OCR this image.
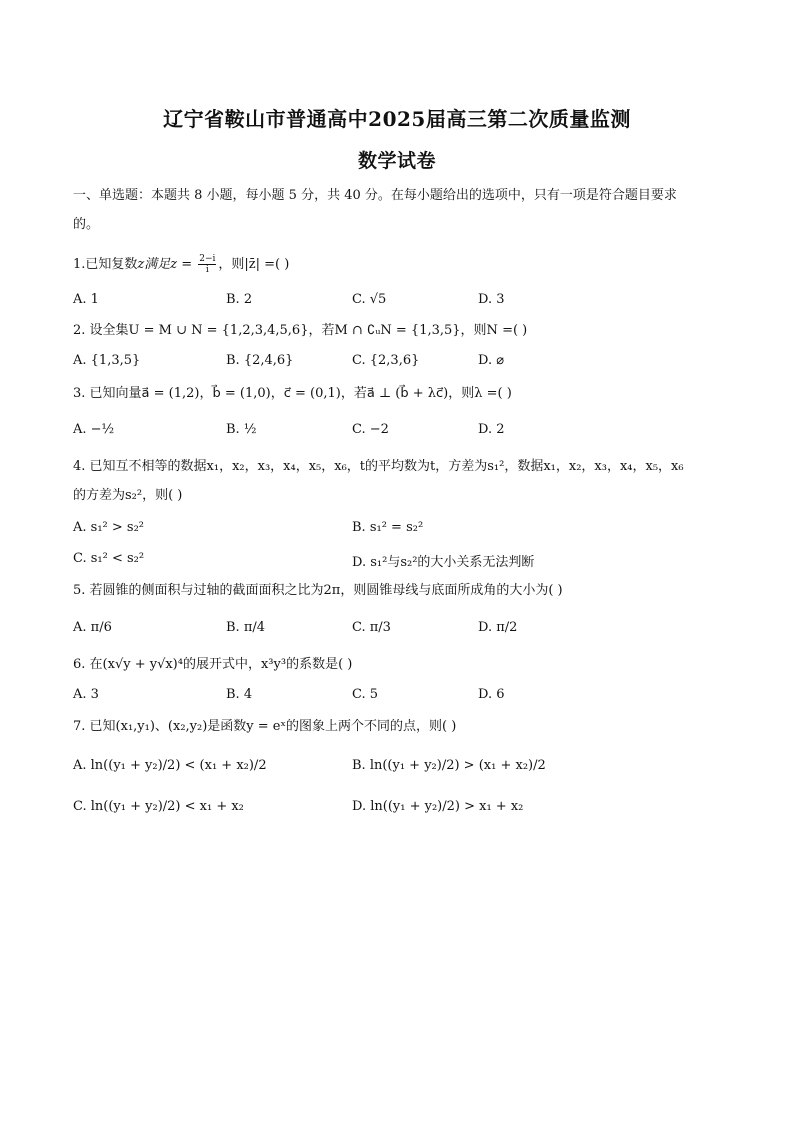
辽宁省鞍山市普通高中2025届高三第二次质量监测
数学试卷
一、单选题：本题共 8 小题，每小题 5 分，共 40 分。在每小题给出的选项中，只有一项是符合题目要求
的。
1.已知复数z满足$z = \frac{2-i}{i}$ ，则|z̄| =( )
A. 1	B. 2	C. √5	D. 3
2. 设全集U = M ∪ N = {1,2,3,4,5,6}，若M ∩ ∁ᵤN = {1,3,5}，则N =( )
A. {1,3,5}	B. {2,4,6}	C. {2,3,6}	D. ⌀
3. 已知向量a⃗ = (1,2)，b⃗ = (1,0)，c⃗ = (0,1)，若a⃗ ⊥ (b⃗ + λc⃗)，则λ =( )
A. −½	B. ½	C. −2	D. 2
4. 已知互不相等的数据x₁，x₂，x₃，x₄，x₅，x₆，t的平均数为t，方差为s₁²，数据x₁，x₂，x₃，x₄，x₅，x₆
的方差为s₂²，则( )
A. s₁² > s₂²	B. s₁² = s₂²
C. s₁² < s₂²	D. s₁²与s₂²的大小关系无法判断
5. 若圆锥的侧面积与过轴的截面面积之比为2π，则圆锥母线与底面所成角的大小为( )
A. π/6	B. π/4	C. π/3	D. π/2
6. 在(x√y + y√x)⁴的展开式中，x³y³的系数是( )
A. 3	B. 4	C. 5	D. 6
7. 已知(x₁,y₁)、(x₂,y₂)是函数y = eˣ的图象上两个不同的点，则( )
A. ln((y₁ + y₂)/2) < (x₁ + x₂)/2	B. ln((y₁ + y₂)/2) > (x₁ + x₂)/2
C. ln((y₁ + y₂)/2) < x₁ + x₂	D. ln((y₁ + y₂)/2) > x₁ + x₂
